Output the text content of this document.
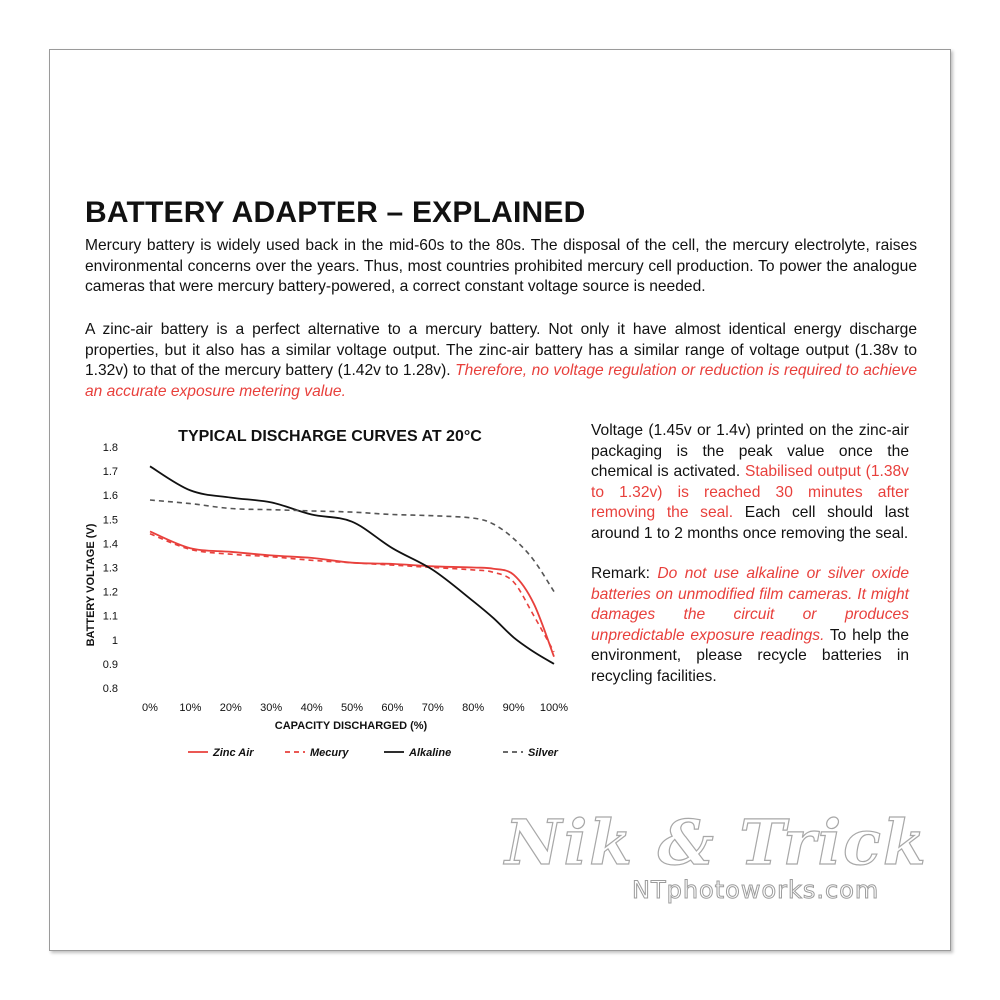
BATTERY ADAPTER – EXPLAINED

Mercury battery is widely used back in the mid-60s to the 80s. The disposal of the cell, the mercury electrolyte, raises environmental concerns over the years. Thus, most countries prohibited mercury cell production. To power the analogue cameras that were mercury battery-powered, a correct constant voltage source is needed.

A zinc-air battery is a perfect alternative to a mercury battery. Not only it have almost identical energy discharge properties, but it also has a similar voltage output. The zinc-air battery has a similar range of voltage output (1.38v to 1.32v) to that of the mercury battery (1.42v to 1.28v). Therefore, no voltage regulation or reduction is required to achieve an accurate exposure metering value.

Voltage (1.45v or 1.4v) printed on the zinc-air packaging is the peak value once the chemical is activated. Stabilised output (1.38v to 1.32v) is reached 30 minutes after removing the seal. Each cell should last around 1 to 2 months once removing the seal.

Remark: Do not use alkaline or silver oxide batteries on unmodified film cameras. It might damages the circuit or produces unpredictable exposure readings. To help the environment, please recycle batteries in recycling facilities.

TYPICAL DISCHARGE CURVES AT 20°C
0.8
0.9
1
1.1
1.2
1.3
1.4
1.5
1.6
1.7
1.8
0% 10% 20% 30% 40% 50% 60% 70% 80% 90% 100%
BATTERY VOLTAGE (V)
CAPACITY DISCHARGED (%)
Zinc Air	Mecury	Alkaline	Silver
Nik & Trick
NTphotoworks.com
